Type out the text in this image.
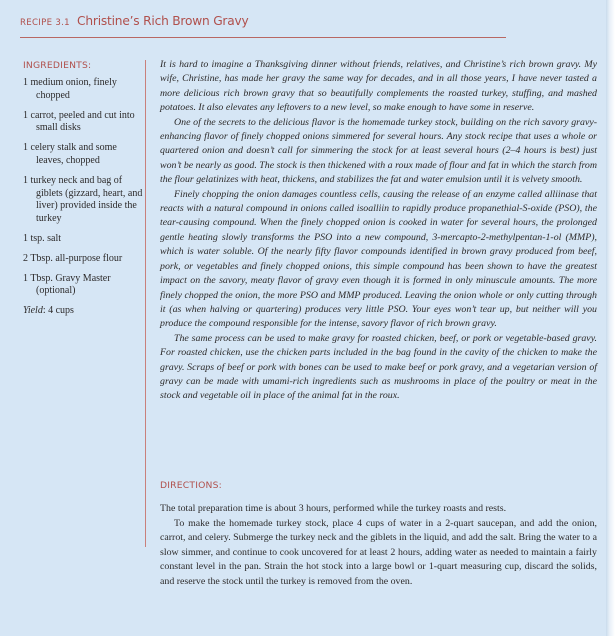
RECIPE 3.1 Christine’s Rich Brown Gravy
INGREDIENTS:
1 medium onion, finely chopped
1 carrot, peeled and cut into small disks
1 celery stalk and some leaves, chopped
1 turkey neck and bag of giblets (gizzard, heart, and liver) provided inside the turkey
1 tsp. salt
2 Tbsp. all-purpose flour
1 Tbsp. Gravy Master (optional)
Yield: 4 cups

It is hard to imagine a Thanksgiving dinner without friends, relatives, and Christine’s rich brown gravy. My wife, Christine, has made her gravy the same way for decades, and in all those years, I have never tasted a more delicious rich brown gravy that so beautifully complements the roasted turkey, stuffing, and mashed potatoes. It also elevates any leftovers to a new level, so make enough to have some in reserve.

One of the secrets to the delicious flavor is the homemade turkey stock, building on the rich savory gravy-enhancing flavor of finely chopped onions simmered for several hours. Any stock recipe that uses a whole or quartered onion and doesn’t call for simmering the stock for at least several hours (2–4 hours is best) just won’t be nearly as good. The stock is then thickened with a roux made of flour and fat in which the starch from the flour gelatinizes with heat, thickens, and stabilizes the fat and water emulsion until it is velvety smooth.

Finely chopping the onion damages countless cells, causing the release of an enzyme called alliinase that reacts with a natural compound in onions called isoalliin to rapidly produce propanethial-S-oxide (PSO), the tear-causing compound. When the finely chopped onion is cooked in water for several hours, the prolonged gentle heating slowly transforms the PSO into a new compound, 3-mercapto-2-methylpentan-1-ol (MMP), which is water soluble. Of the nearly fifty flavor compounds identified in brown gravy produced from beef, pork, or vegetables and finely chopped onions, this simple compound has been shown to have the greatest impact on the savory, meaty flavor of gravy even though it is formed in only minuscule amounts. The more finely chopped the onion, the more PSO and MMP produced. Leaving the onion whole or only cutting through it (as when halving or quartering) produces very little PSO. Your eyes won’t tear up, but neither will you produce the compound responsible for the intense, savory flavor of rich brown gravy.

The same process can be used to make gravy for roasted chicken, beef, or pork or vegetable-based gravy. For roasted chicken, use the chicken parts included in the bag found in the cavity of the chicken to make the gravy. Scraps of beef or pork with bones can be used to make beef or pork gravy, and a vegetarian version of gravy can be made with umami-rich ingredients such as mushrooms in place of the poultry or meat in the stock and vegetable oil in place of the animal fat in the roux.

DIRECTIONS:

The total preparation time is about 3 hours, performed while the turkey roasts and rests.

To make the homemade turkey stock, place 4 cups of water in a 2-quart saucepan, and add the onion, carrot, and celery. Submerge the turkey neck and the giblets in the liquid, and add the salt. Bring the water to a slow simmer, and continue to cook uncovered for at least 2 hours, adding water as needed to maintain a fairly constant level in the pan. Strain the hot stock into a large bowl or 1-quart measuring cup, discard the solids, and reserve the stock until the turkey is removed from the oven.
